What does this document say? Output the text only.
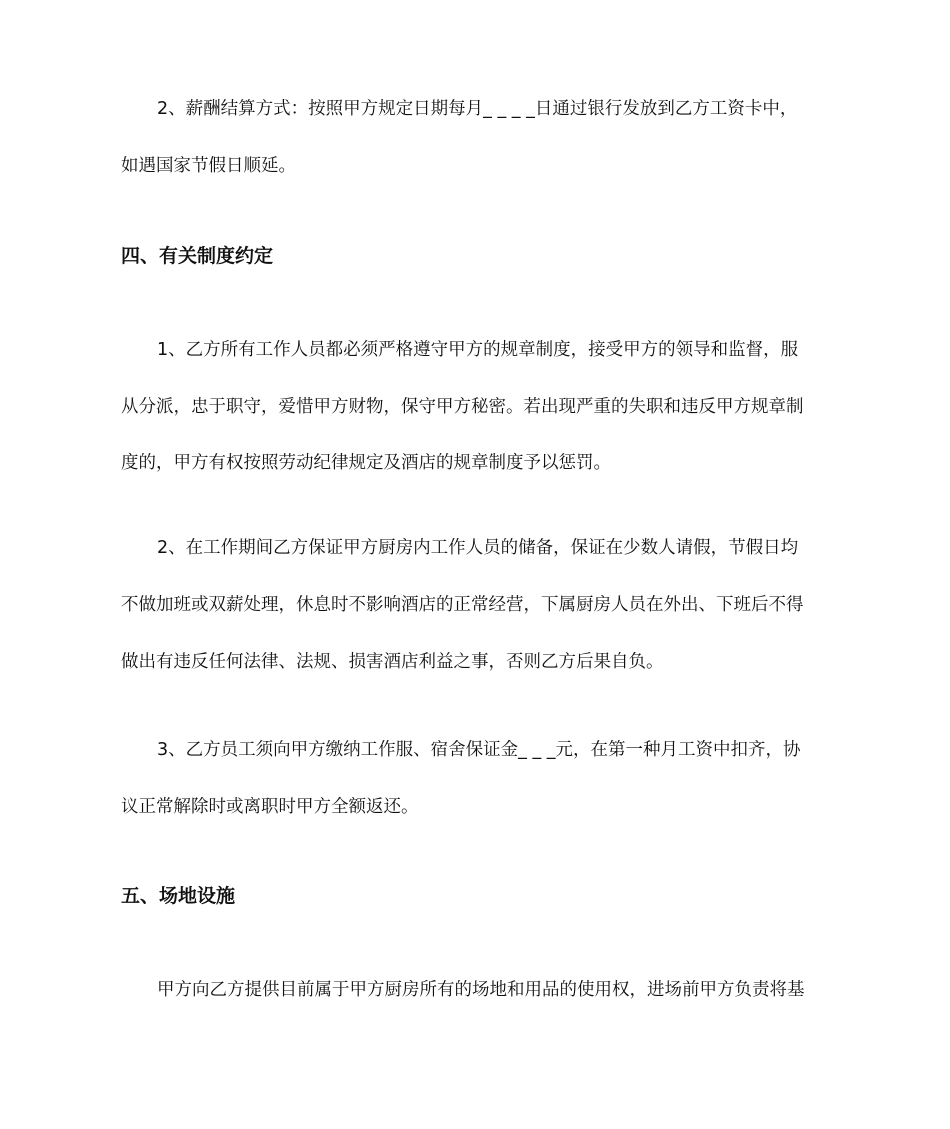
2、薪酬结算方式：按照甲方规定日期每月_ _ _ _日通过银行发放到乙方工资卡中，
如遇国家节假日顺延。
四、有关制度约定
1、乙方所有工作人员都必须严格遵守甲方的规章制度，接受甲方的领导和监督，服
从分派，忠于职守，爱惜甲方财物，保守甲方秘密。若出现严重的失职和违反甲方规章制
度的，甲方有权按照劳动纪律规定及酒店的规章制度予以惩罚。
2、在工作期间乙方保证甲方厨房内工作人员的储备，保证在少数人请假，节假日均
不做加班或双薪处理，休息时不影响酒店的正常经营，下属厨房人员在外出、下班后不得
做出有违反任何法律、法规、损害酒店利益之事，否则乙方后果自负。
3、乙方员工须向甲方缴纳工作服、宿舍保证金_ _ _元，在第一种月工资中扣齐，协
议正常解除时或离职时甲方全额返还。
五、场地设施
甲方向乙方提供目前属于甲方厨房所有的场地和用品的使用权，进场前甲方负责将基
